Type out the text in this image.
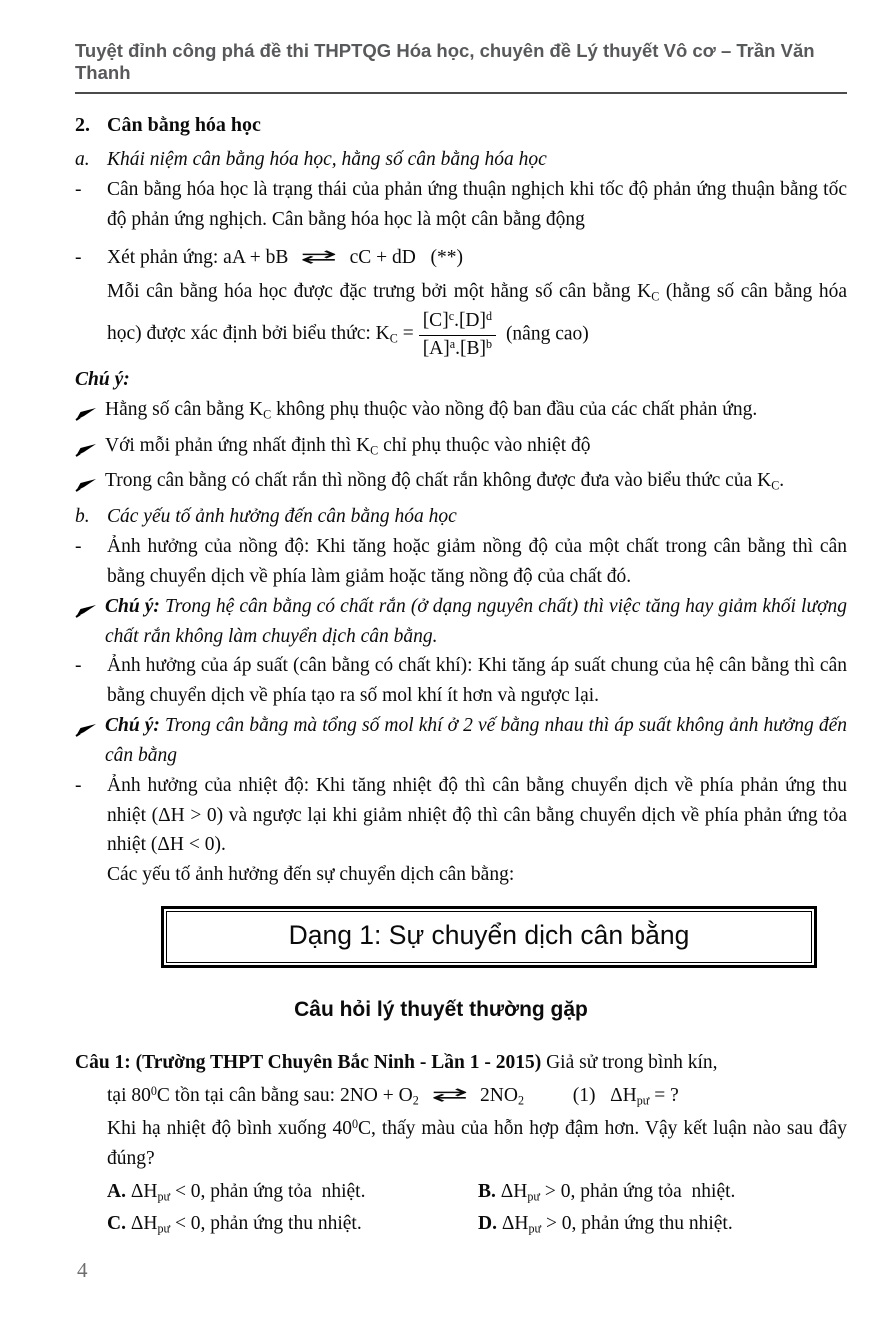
Tuyệt đỉnh công phá đề thi THPTQG Hóa học, chuyên đề Lý thuyết Vô cơ – Trần Văn Thanh
2. Cân bằng hóa học
a. Khái niệm cân bằng hóa học, hằng số cân bằng hóa học
-	Cân bằng hóa học là trạng thái của phản ứng thuận nghịch khi tốc độ phản ứng thuận bằng tốc độ phản ứng nghịch. Cân bằng hóa học là một cân bằng động
-	Xét phản ứng: aA + bB ⇄ cC + dD   (**)
Mỗi cân bằng hóa học được đặc trưng bởi một hằng số cân bằng $K_C$ (hằng số cân bằng hóa học) được xác định bởi biểu thức: $K_C = \frac{[C]^c.[D]^d}{[A]^a.[B]^b}$ (nâng cao)
Chú ý:
Hằng số cân bằng $K_C$ không phụ thuộc vào nồng độ ban đầu của các chất phản ứng.
Với mỗi phản ứng nhất định thì $K_C$ chỉ phụ thuộc vào nhiệt độ
Trong cân bằng có chất rắn thì nồng độ chất rắn không được đưa vào biểu thức của $K_C$.
b. Các yếu tố ảnh hưởng đến cân bằng hóa học
-	Ảnh hưởng của nồng độ: Khi tăng hoặc giảm nồng độ của một chất trong cân bằng thì cân bằng chuyển dịch về phía làm giảm hoặc tăng nồng độ của chất đó.
Chú ý: Trong hệ cân bằng có chất rắn (ở dạng nguyên chất) thì việc tăng hay giảm khối lượng chất rắn không làm chuyển dịch cân bằng.
-	Ảnh hưởng của áp suất (cân bằng có chất khí): Khi tăng áp suất chung của hệ cân bằng thì cân bằng chuyển dịch về phía tạo ra số mol khí ít hơn và ngược lại.
Chú ý: Trong cân bằng mà tổng số mol khí ở 2 vế bằng nhau thì áp suất không ảnh hưởng đến cân bằng
-	Ảnh hưởng của nhiệt độ: Khi tăng nhiệt độ thì cân bằng chuyển dịch về phía phản ứng thu nhiệt (ΔH > 0) và ngược lại khi giảm nhiệt độ thì cân bằng chuyển dịch về phía phản ứng tỏa nhiệt (ΔH < 0).
Các yếu tố ảnh hưởng đến sự chuyển dịch cân bằng:
Dạng 1: Sự chuyển dịch cân bằng
Câu hỏi lý thuyết thường gặp
Câu 1: (Trường THPT Chuyên Bắc Ninh - Lần 1 - 2015) Giả sử trong bình kín,
tại $80^0C$ tồn tại cân bằng sau: $2NO + O_2$ ⇄ $2NO_2$          (1)   $\Delta H_{pư}$ = ?
Khi hạ nhiệt độ bình xuống $40^0C$, thấy màu của hỗn hợp đậm hơn. Vậy kết luận nào sau đây đúng?
A. $\Delta H_{pư} < 0$, phản ứng tỏa  nhiệt.	B. $\Delta H_{pư} > 0$, phản ứng tỏa  nhiệt.
C. $\Delta H_{pư} < 0$, phản ứng thu nhiệt.	D. $\Delta H_{pư} > 0$, phản ứng thu nhiệt.
4
